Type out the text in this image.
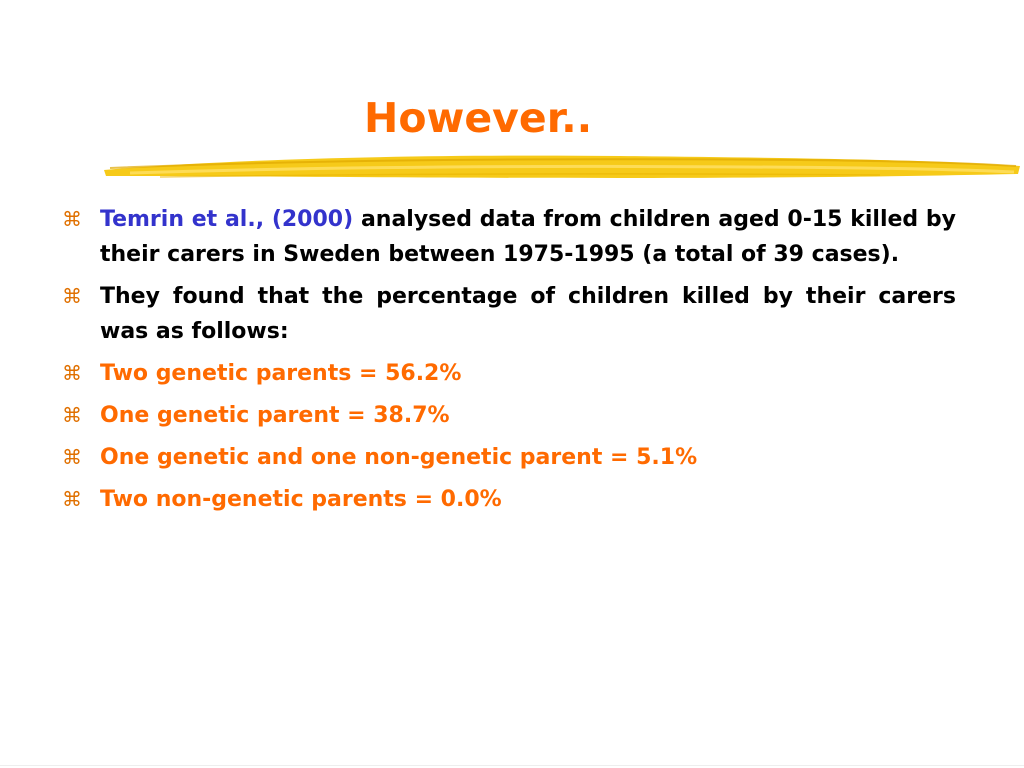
However..
⌘ Temrin et al., (2000) analysed data from children aged 0-15 killed by their carers in Sweden between 1975-1995 (a total of 39 cases).
⌘ They found that the percentage of children killed by their carers was as follows:
⌘ Two genetic parents = 56.2%
⌘ One genetic parent = 38.7%
⌘ One genetic and one non-genetic parent = 5.1%
⌘ Two non-genetic parents = 0.0%
